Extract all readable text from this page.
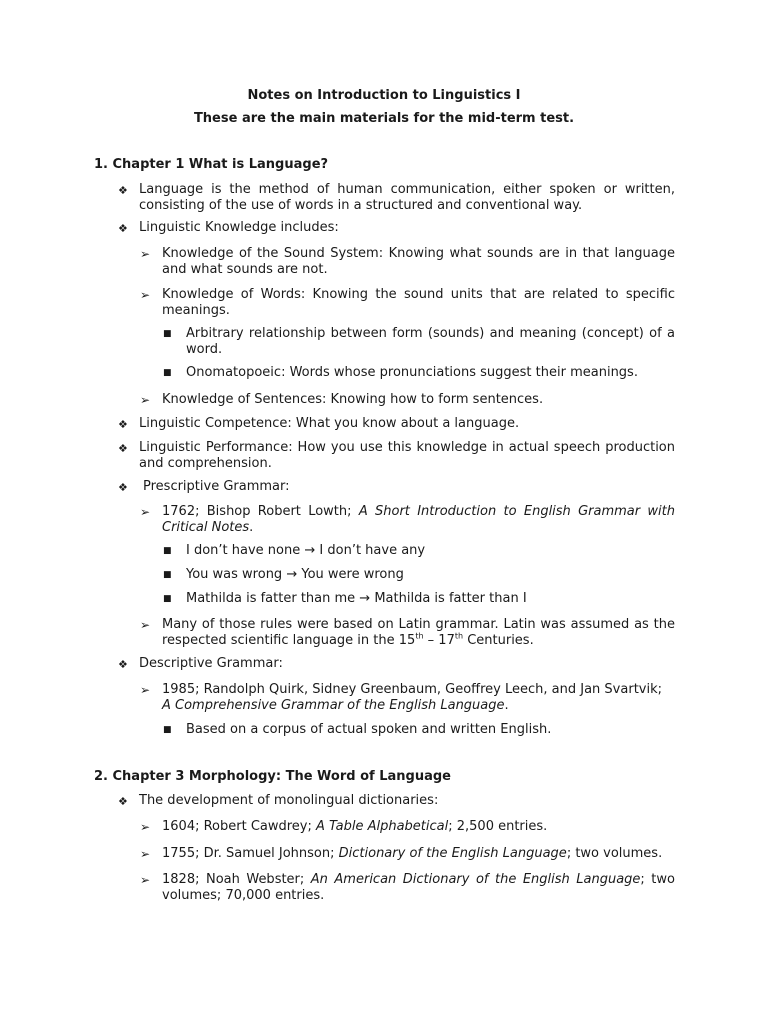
Notes on Introduction to Linguistics I
These are the main materials for the mid-term test.
1. Chapter 1 What is Language?
❖ Language is the method of human communication, either spoken or written, consisting of the use of words in a structured and conventional way.
❖ Linguistic Knowledge includes:
➢ Knowledge of the Sound System: Knowing what sounds are in that language and what sounds are not.
➢ Knowledge of Words: Knowing the sound units that are related to specific meanings.
■ Arbitrary relationship between form (sounds) and meaning (concept) of a word.
■ Onomatopoeic: Words whose pronunciations suggest their meanings.
➢ Knowledge of Sentences: Knowing how to form sentences.
❖ Linguistic Competence: What you know about a language.
❖ Linguistic Performance: How you use this knowledge in actual speech production and comprehension.
❖ Prescriptive Grammar:
➢ 1762; Bishop Robert Lowth; A Short Introduction to English Grammar with Critical Notes.
■ I don’t have none → I don’t have any
■ You was wrong → You were wrong
■ Mathilda is fatter than me → Mathilda is fatter than I
➢ Many of those rules were based on Latin grammar. Latin was assumed as the respected scientific language in the 15th – 17th Centuries.
❖ Descriptive Grammar:
➢ 1985; Randolph Quirk, Sidney Greenbaum, Geoffrey Leech, and Jan Svartvik;
A Comprehensive Grammar of the English Language.
■ Based on a corpus of actual spoken and written English.
2. Chapter 3 Morphology: The Word of Language
❖ The development of monolingual dictionaries:
➢ 1604; Robert Cawdrey; A Table Alphabetical; 2,500 entries.
➢ 1755; Dr. Samuel Johnson; Dictionary of the English Language; two volumes.
➢ 1828; Noah Webster; An American Dictionary of the English Language; two volumes; 70,000 entries.
